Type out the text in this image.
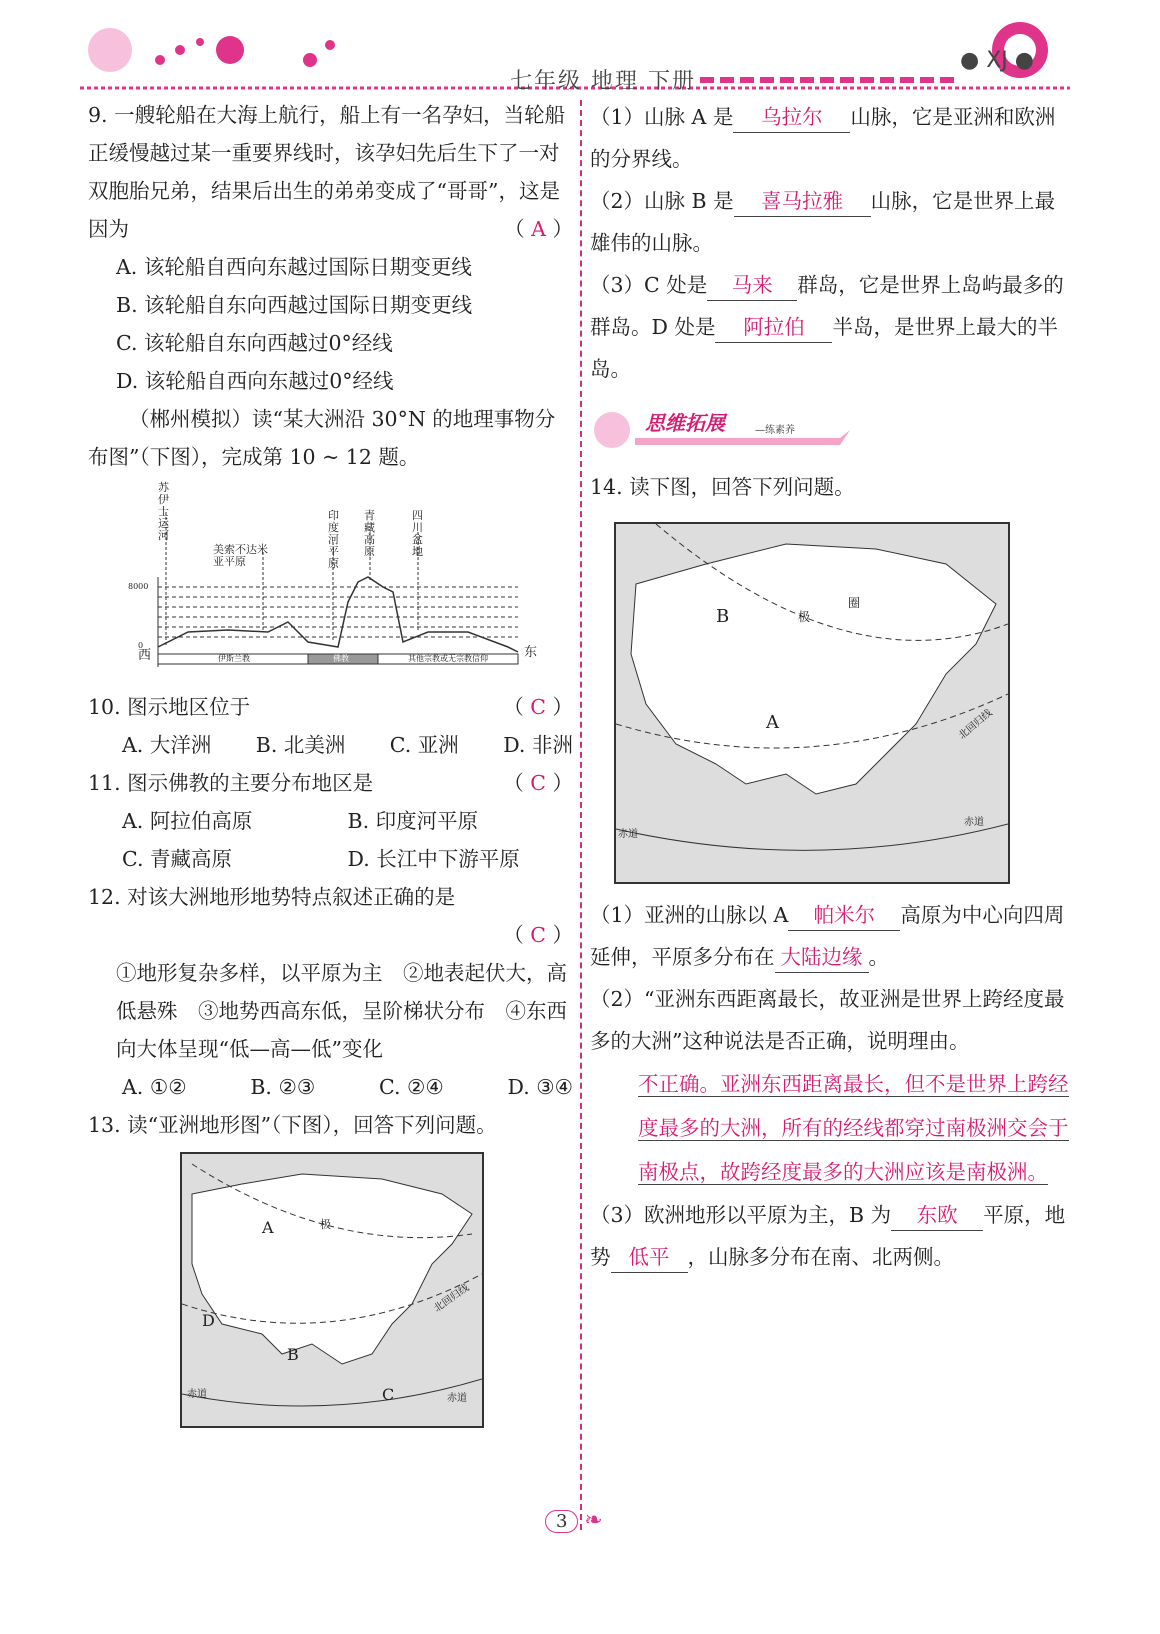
七年级 地理 下册
● XJ ●

9. 一艘轮船在大海上航行，船上有一名孕妇，当轮船正缓慢越过某一重要界线时，该孕妇先后生下了一对双胞胎兄弟，结果后出生的弟弟变成了“哥哥”，这是因为	（ A ）

A. 该轮船自西向东越过国际日期变更线

B. 该轮船自东向西越过国际日期变更线

C. 该轮船自东向西越过0°经线

D. 该轮船自西向东越过0°经线

（郴州模拟）读“某大洲沿 30°N 的地理事物分布图”（下图），完成第 10 ~ 12 题。

苏伊士运河
美索不达米亚平原
印度河平原
青藏高原
四川盆地
西	东
8000
0
伊斯兰教	佛教	其他宗教或无宗教信仰

10. 图示地区位于	（ C ）

A. 大洋洲 B. 北美洲 C. 亚洲 D. 非洲

11. 图示佛教的主要分布地区是	（ C ）

A. 阿拉伯高原	B. 印度河平原
C. 青藏高原	D. 长江中下游平原

12. 对该大洲地形地势特点叙述正确的是

（ C ）

①地形复杂多样，以平原为主　②地表起伏大，高低悬殊　③地势西高东低，呈阶梯状分布　④东西向大体呈现“低—高—低”变化

A. ①②	B. ②③	C. ②④	D. ③④

13. 读“亚洲地形图”（下图），回答下列问题。

A
B
C
D
极
北回归线
赤道	赤道

（1）山脉 A 是 乌拉尔 山脉，它是亚洲和欧洲的分界线。

（2）山脉 B 是 喜马拉雅 山脉，它是世界上最雄伟的山脉。

（3）C 处是 马来 群岛，它是世界上岛屿最多的群岛。D 处是 阿拉伯 半岛，是世界上最大的半岛。

思维拓展	—练素养

14. 读下图，回答下列问题。

B
A
极
圈
北回归线
赤道
赤道

（1）亚洲的山脉以 A 帕米尔 高原为中心向四周延伸，平原多分布在 大陆边缘 。

（2）“亚洲东西距离最长，故亚洲是世界上跨经度最多的大洲”这种说法是否正确，说明理由。

不正确。亚洲东西距离最长，但不是世界上跨经度最多的大洲，所有的经线都穿过南极洲交会于南极点，故跨经度最多的大洲应该是南极洲。

（3）欧洲地形以平原为主，B 为 东欧 平原，地势 低平 ，山脉多分布在南、北两侧。

3 ❧
